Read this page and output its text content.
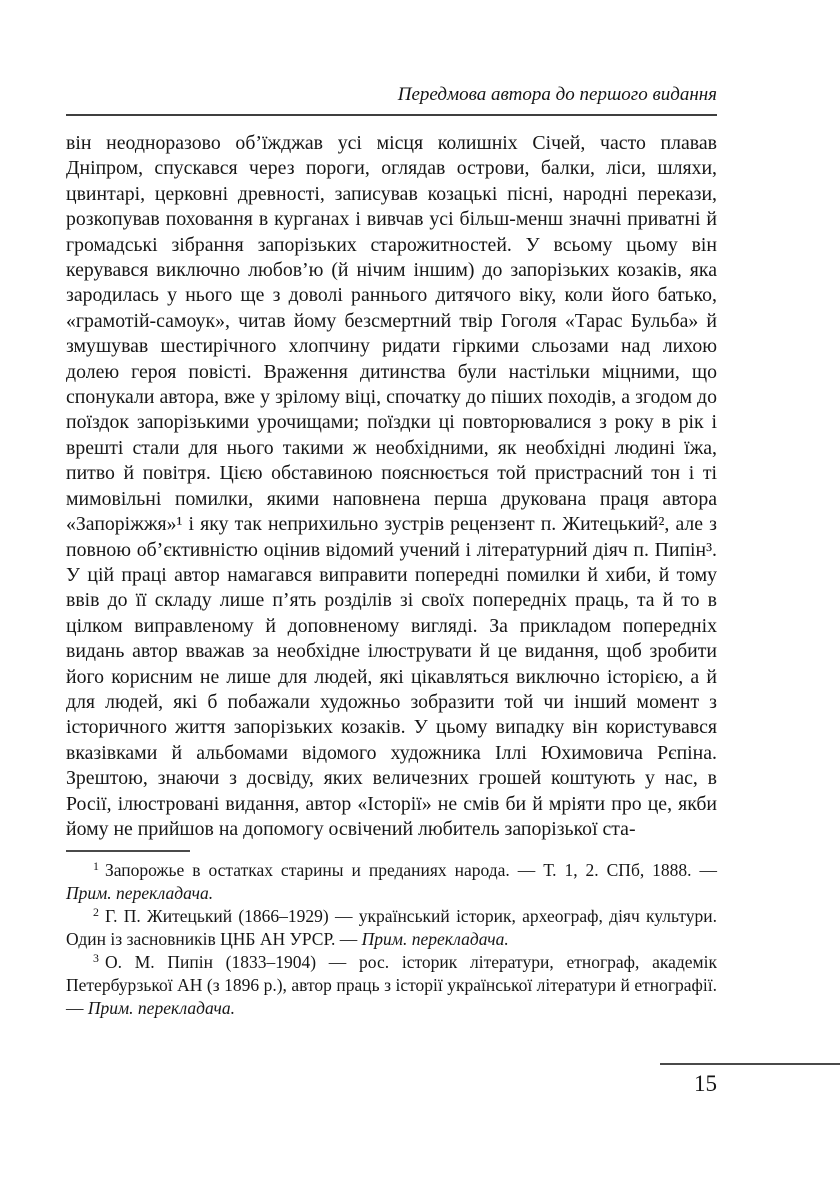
Передмова автора до першого видання
він неодноразово об’їжджав усі місця колишніх Січей, часто плавав Дніпром, спускався через пороги, оглядав острови, балки, ліси, шляхи, цвинтарі, церковні древності, записував козацькі пісні, народні перекази, розкопував поховання в курганах і вивчав усі більш-менш значні приватні й громадські зібрання запорізьких старожитностей. У всьому цьому він керувався виключно любов’ю (й нічим іншим) до запорізьких козаків, яка зародилась у нього ще з доволі раннього дитячого віку, коли його батько, «грамотій-самоук», читав йому безсмертний твір Гоголя «Тарас Бульба» й змушував шестирічного хлопчину ридати гіркими сльозами над лихою долею героя повісті. Враження дитинства були настільки міцними, що спонукали автора, вже у зрілому віці, спочатку до піших походів, а згодом до поїздок запорізькими урочищами; поїздки ці повторювалися з року в рік і врешті стали для нього такими ж необхідними, як необхідні людині їжа, питво й повітря. Цією обставиною пояснюється той пристрасний тон і ті мимовільні помилки, якими наповнена перша друкована праця автора «Запоріжжя»¹ і яку так неприхильно зустрів рецензент п. Житецький², але з повною об’єктивністю оцінив відомий учений і літературний діяч п. Пипін³. У цій праці автор намагався виправити попередні помилки й хиби, й тому ввів до її складу лише п’ять розділів зі своїх попередніх праць, та й то в цілком виправленому й доповненому вигляді. За прикладом попередніх видань автор вважав за необхідне ілюструвати й це видання, щоб зробити його корисним не лише для людей, які цікавляться виключно історією, а й для людей, які б побажали художньо зобразити той чи інший момент з історичного життя запорізьких козаків. У цьому випадку він користувався вказівками й альбомами відомого художника Іллі Юхимовича Рєпіна. Зрештою, знаючи з досвіду, яких величезних грошей коштують у нас, в Росії, ілюстровані видання, автор «Історії» не смів би й мріяти про це, якби йому не прийшов на допомогу освічений любитель запорізької ста-

$^1$ Запорожье в остатках старины и преданиях народа. — Т. 1, 2. СПб, 1888. — Прим. перекладача.

$^2$ Г. П. Житецький (1866–1929) — український історик, археограф, діяч культури. Один із засновників ЦНБ АН УРСР. — Прим. перекладача.

$^3$ О. М. Пипін (1833–1904) — рос. історик літератури, етнограф, академік Петербурзької АН (з 1896 р.), автор праць з історії української літератури й етнографії. — Прим. перекладача.

15
